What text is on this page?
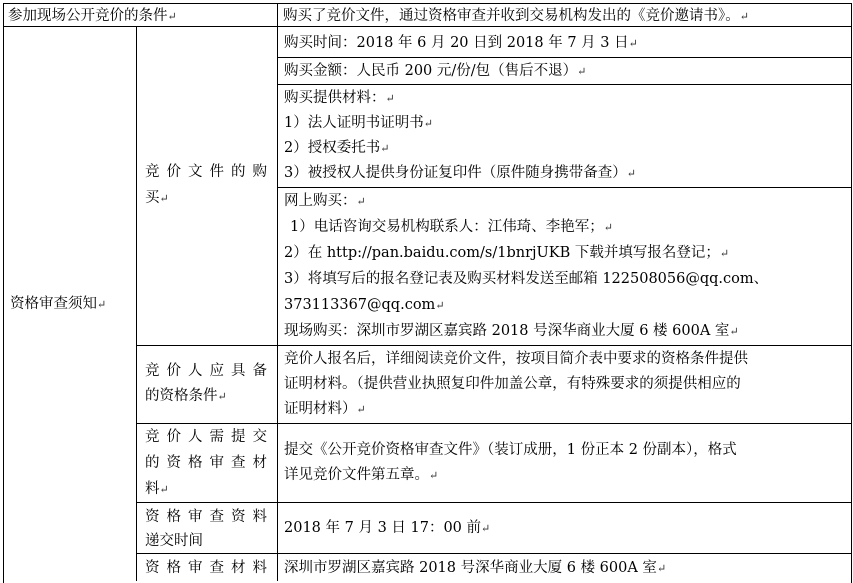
参加现场公开竞价的条件↵	购买了竞价文件，通过资格审查并收到交易机构发出的《竞价邀请书》。↵
资格审查须知↵
竞价文件的购
买↵
购买时间：2018 年 6 月 20 日到 2018 年 7 月 3 日↵
购买金额：人民币 200 元/份/包（售后不退）↵
购买提供材料：↵
1）法人证明书证明书↵
2）授权委托书↵
3）被授权人提供身份证复印件（原件随身携带备查）↵
网上购买：↵
1）电话咨询交易机构联系人：江伟琦、李艳军；↵
2）在 http://pan.baidu.com/s/1bnrjUKB 下载并填写报名登记；↵
3）将填写后的报名登记表及购买材料发送至邮箱 122508056@qq.com、
373113367@qq.com↵
现场购买：深圳市罗湖区嘉宾路 2018 号深华商业大厦 6 楼 600A 室↵
竞价人应具备
的资格条件↵
竞价人报名后，详细阅读竞价文件，按项目简介表中要求的资格条件提供
证明材料。（提供营业执照复印件加盖公章，有特殊要求的须提供相应的
证明材料）↵
竞价人需提交
的资格审查材
料↵
提交《公开竞价资格审查文件》（装订成册，1 份正本 2 份副本），格式
详见竞价文件第五章。↵
资格审查资料
递交时间
2018 年 7 月 3 日 17：00 前↵
资格审查材料 深圳市罗湖区嘉宾路 2018 号深华商业大厦 6 楼 600A 室↵
